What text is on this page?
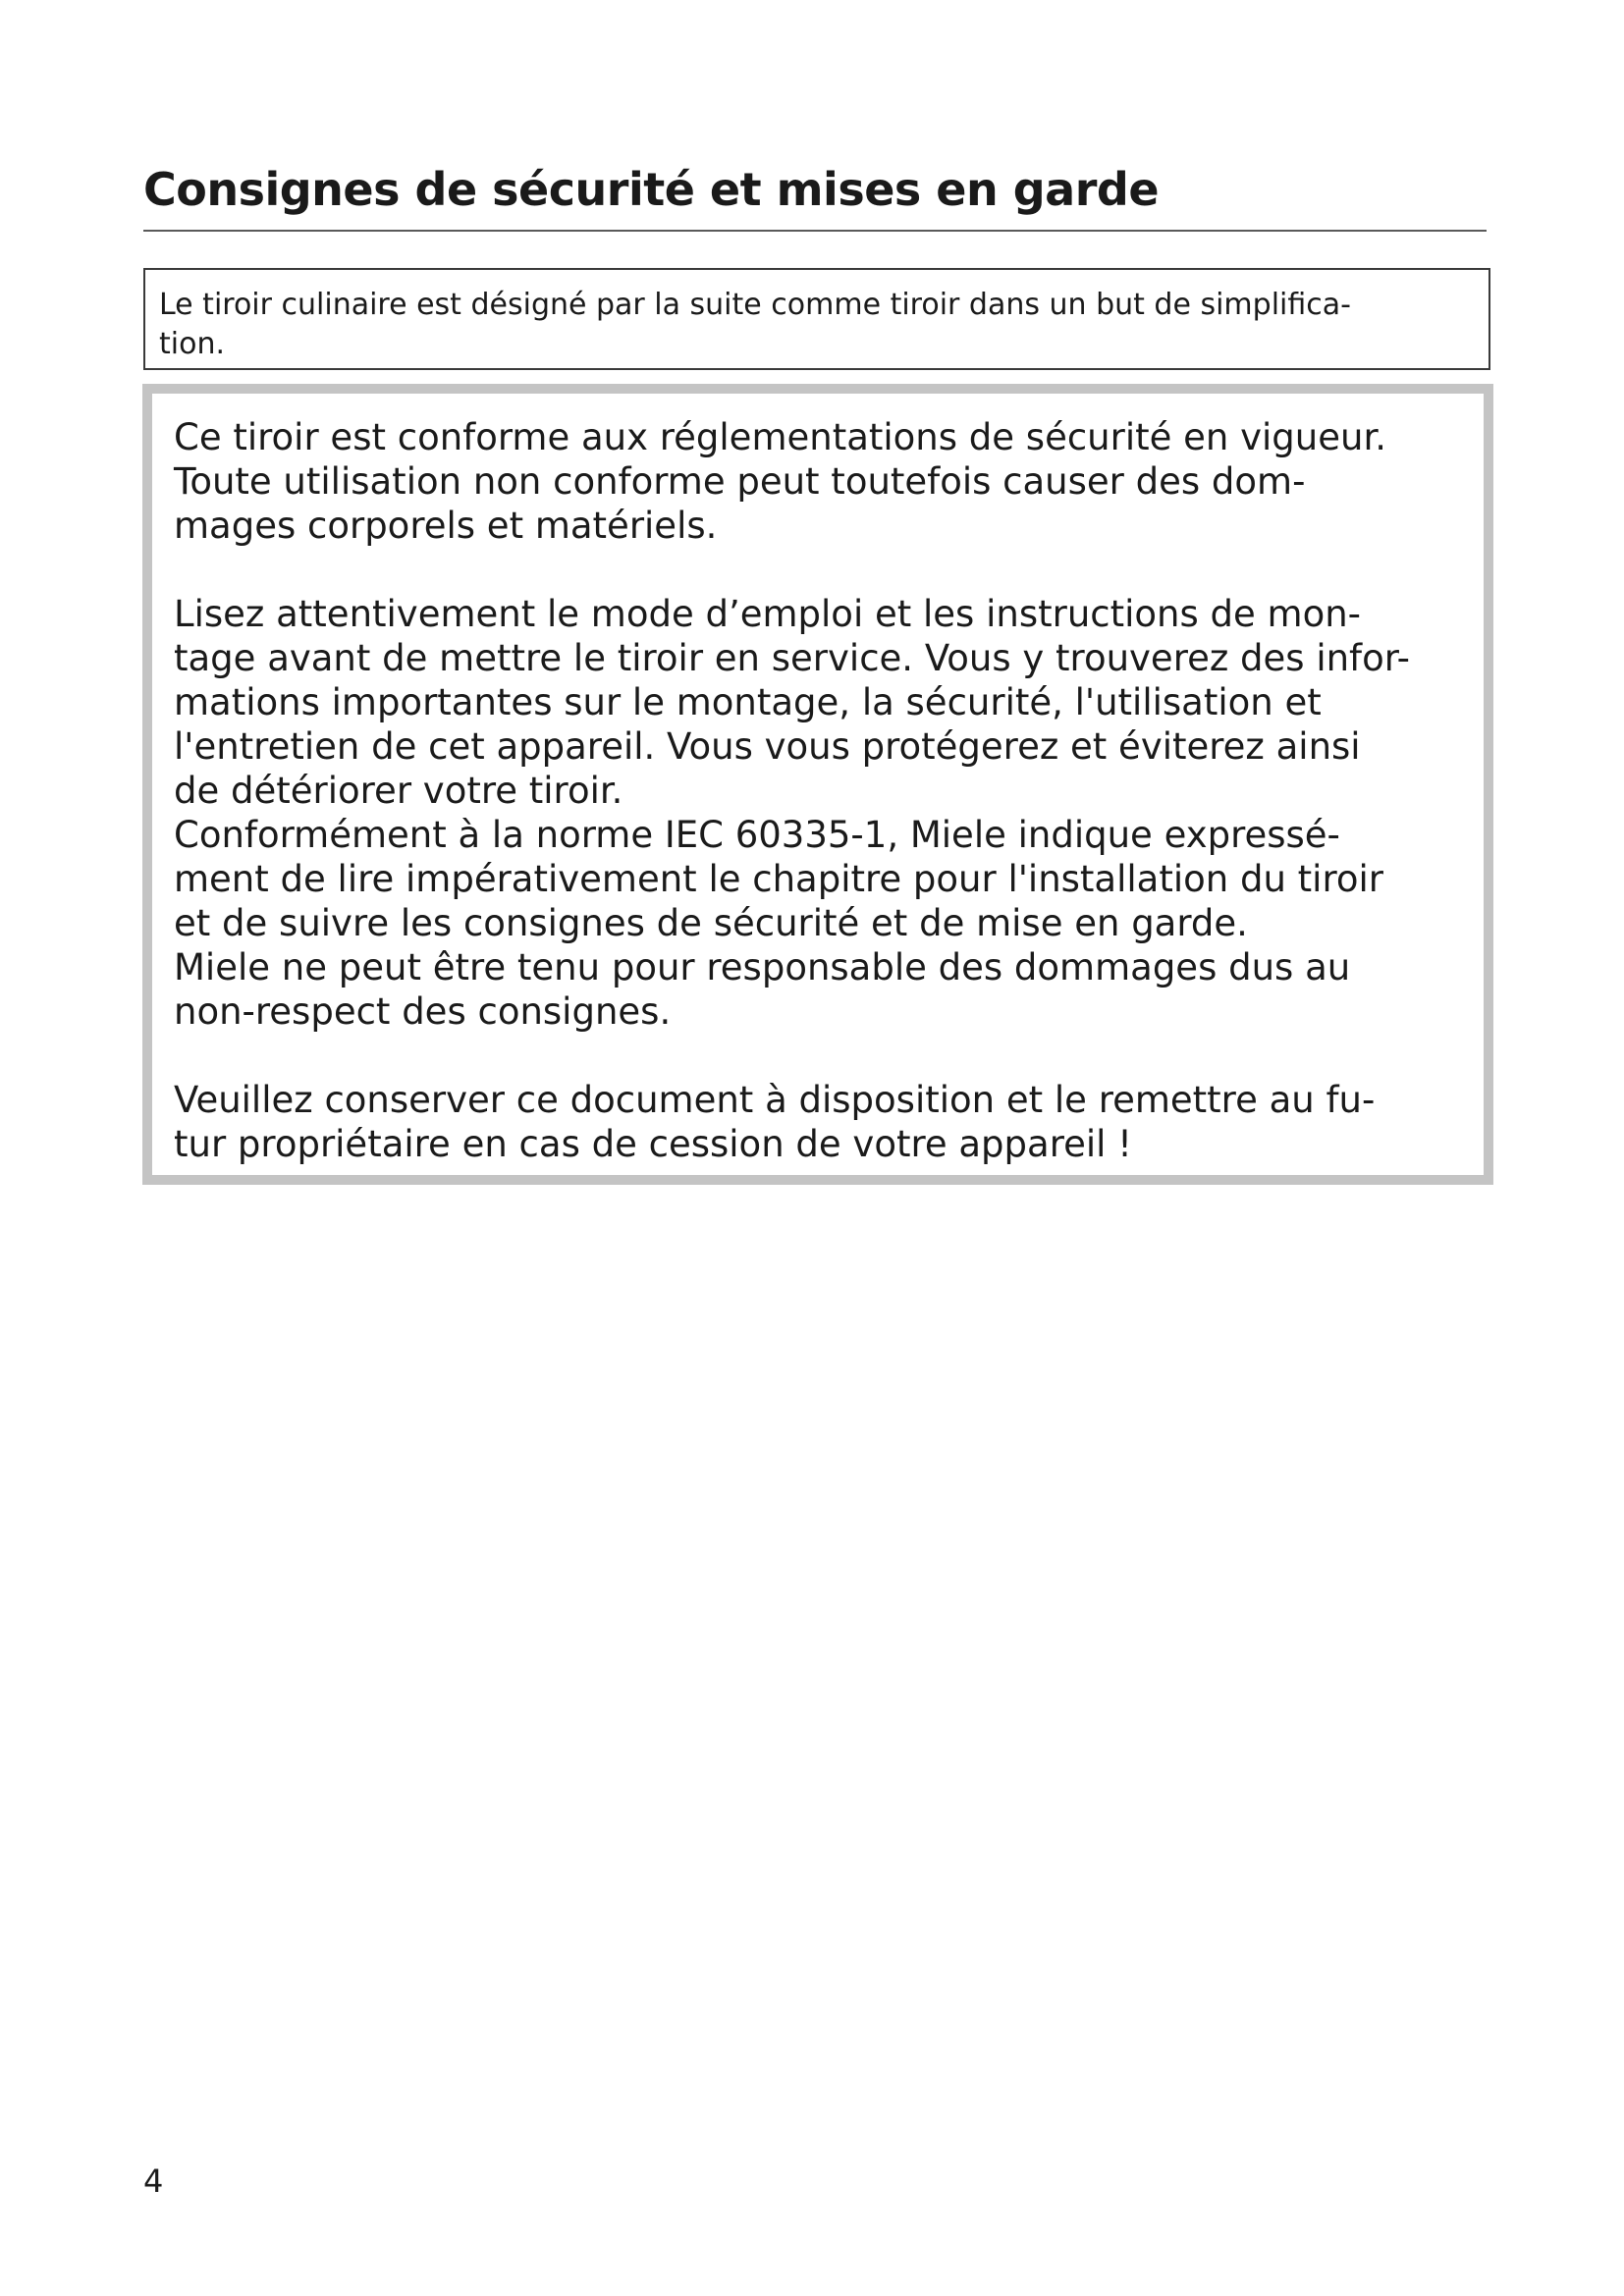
Consignes de sécurité et mises en garde
Le tiroir culinaire est désigné par la suite comme tiroir dans un but de simplifica-
tion.

Ce tiroir est conforme aux réglementations de sécurité en vigueur.
Toute utilisation non conforme peut toutefois causer des dom-
mages corporels et matériels.

Lisez attentivement le mode d’emploi et les instructions de mon-
tage avant de mettre le tiroir en service. Vous y trouverez des infor-
mations importantes sur le montage, la sécurité, l'utilisation et
l'entretien de cet appareil. Vous vous protégerez et éviterez ainsi
de détériorer votre tiroir.
Conformément à la norme IEC 60335-1, Miele indique expressé-
ment de lire impérativement le chapitre pour l'installation du tiroir
et de suivre les consignes de sécurité et de mise en garde.
Miele ne peut être tenu pour responsable des dommages dus au
non-respect des consignes.

Veuillez conserver ce document à disposition et le remettre au fu-
tur propriétaire en cas de cession de votre appareil !

4
